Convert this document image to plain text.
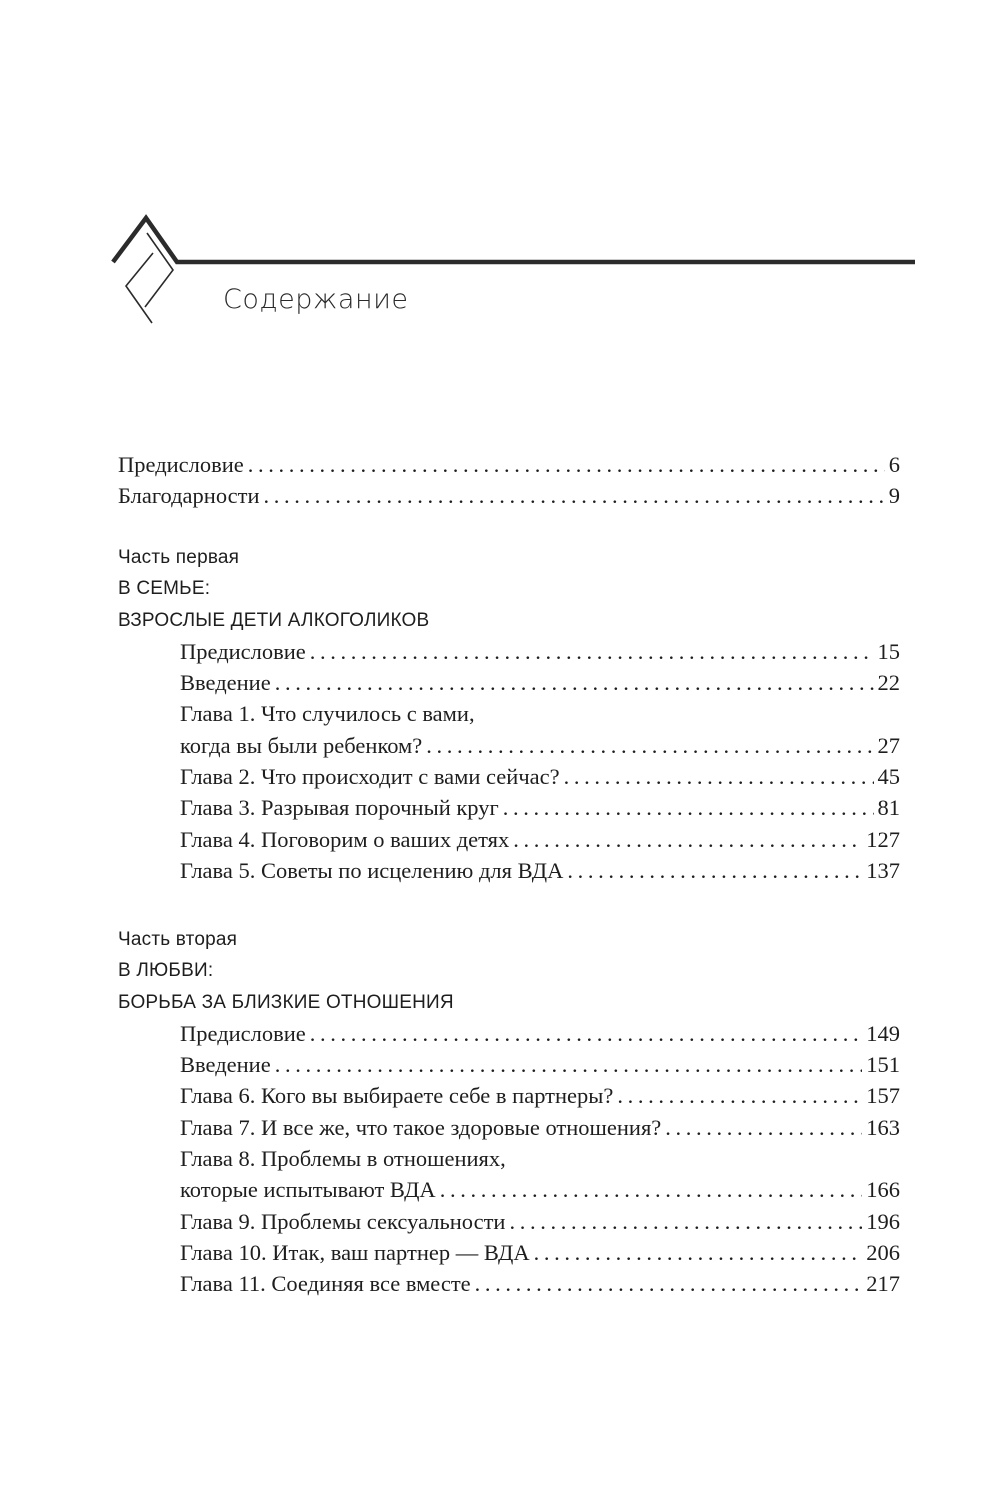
Содержание
Предисловие . . .	6
Благодарности . . .	9
Часть первая
В СЕМЬЕ:
ВЗРОСЛЫЕ ДЕТИ АЛКОГОЛИКОВ
Предисловие . . .	15
Введение . . .	22
Глава 1. Что случилось с вами,
когда вы были ребенком? . . .	27
Глава 2. Что происходит с вами сейчас? . . .	45
Глава 3. Разрывая порочный круг . . .	81
Глава 4. Поговорим о ваших детях . . .	127
Глава 5. Советы по исцелению для ВДА . . .	137
Часть вторая
В ЛЮБВИ:
БОРЬБА ЗА БЛИЗКИЕ ОТНОШЕНИЯ
Предисловие . . .	149
Введение . . .	151
Глава 6. Кого вы выбираете себе в партнеры? . . .	157
Глава 7. И все же, что такое здоровые отношения? . . .	163
Глава 8. Проблемы в отношениях,
которые испытывают ВДА . . .	166
Глава 9. Проблемы сексуальности . . .	196
Глава 10. Итак, ваш партнер — ВДА . . .	206
Глава 11. Соединяя все вместе . . .	217
